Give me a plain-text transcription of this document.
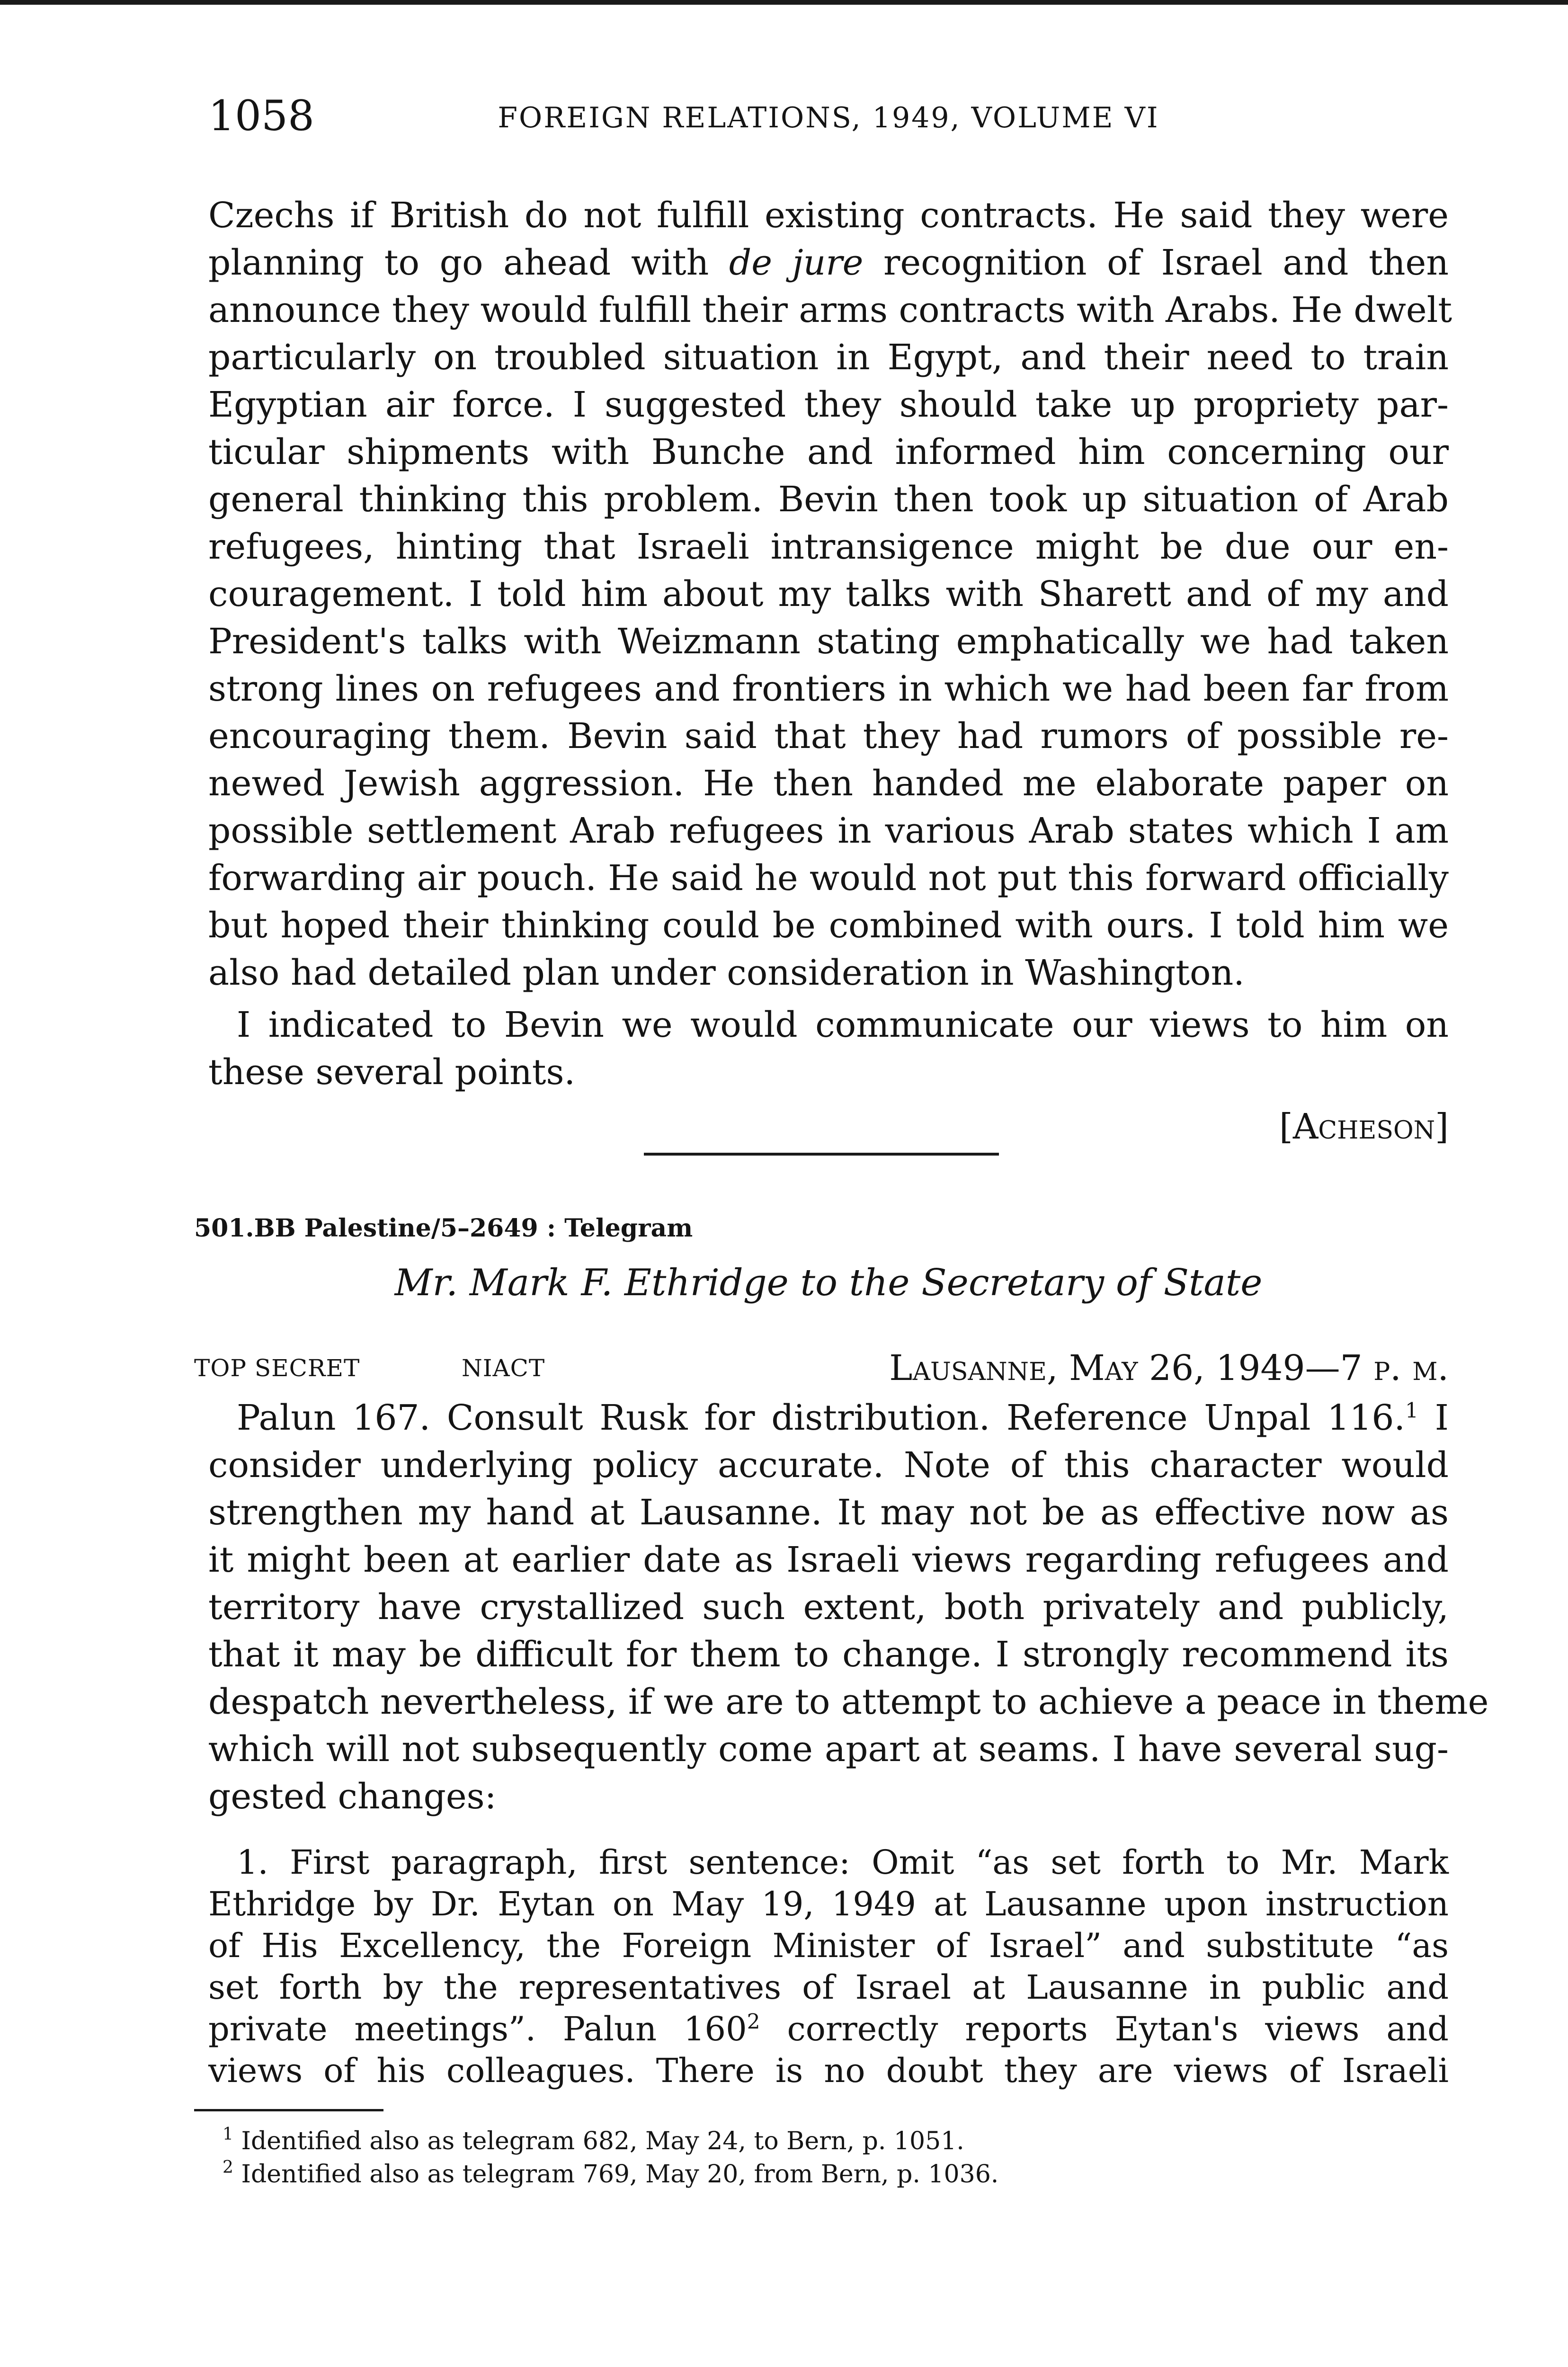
1058	FOREIGN RELATIONS, 1949, VOLUME VI
Czechs if British do not fulfill existing contracts. He said they were
planning to go ahead with de jure recognition of Israel and then
announce they would fulfill their arms contracts with Arabs. He dwelt
particularly on troubled situation in Egypt, and their need to train
Egyptian air force. I suggested they should take up propriety par-
ticular shipments with Bunche and informed him concerning our
general thinking this problem. Bevin then took up situation of Arab
refugees, hinting that Israeli intransigence might be due our en-
couragement. I told him about my talks with Sharett and of my and
President's talks with Weizmann stating emphatically we had taken
strong lines on refugees and frontiers in which we had been far from
encouraging them. Bevin said that they had rumors of possible re-
newed Jewish aggression. He then handed me elaborate paper on
possible settlement Arab refugees in various Arab states which I am
forwarding air pouch. He said he would not put this forward officially
but hoped their thinking could be combined with ours. I told him we
also had detailed plan under consideration in Washington.
I indicated to Bevin we would communicate our views to him on
these several points.
[Acheson]
501.BB Palestine/5–2649 : Telegram
Mr. Mark F. Ethridge to the Secretary of State
TOP SECRET	NIACT	Lausanne, May 26, 1949—7 p. m.
Palun 167. Consult Rusk for distribution. Reference Unpal 116.$^1$ I
consider underlying policy accurate. Note of this character would
strengthen my hand at Lausanne. It may not be as effective now as
it might been at earlier date as Israeli views regarding refugees and
territory have crystallized such extent, both privately and publicly,
that it may be difficult for them to change. I strongly recommend its
despatch nevertheless, if we are to attempt to achieve a peace in theme
which will not subsequently come apart at seams. I have several sug-
gested changes:
1. First paragraph, first sentence: Omit “as set forth to Mr. Mark
Ethridge by Dr. Eytan on May 19, 1949 at Lausanne upon instruction
of His Excellency, the Foreign Minister of Israel” and substitute “as
set forth by the representatives of Israel at Lausanne in public and
private meetings”. Palun $160^2$ correctly reports Eytan's views and
views of his colleagues. There is no doubt they are views of Israeli
$^1$ Identified also as telegram 682, May 24, to Bern, p. 1051.
$^2$ Identified also as telegram 769, May 20, from Bern, p. 1036.
